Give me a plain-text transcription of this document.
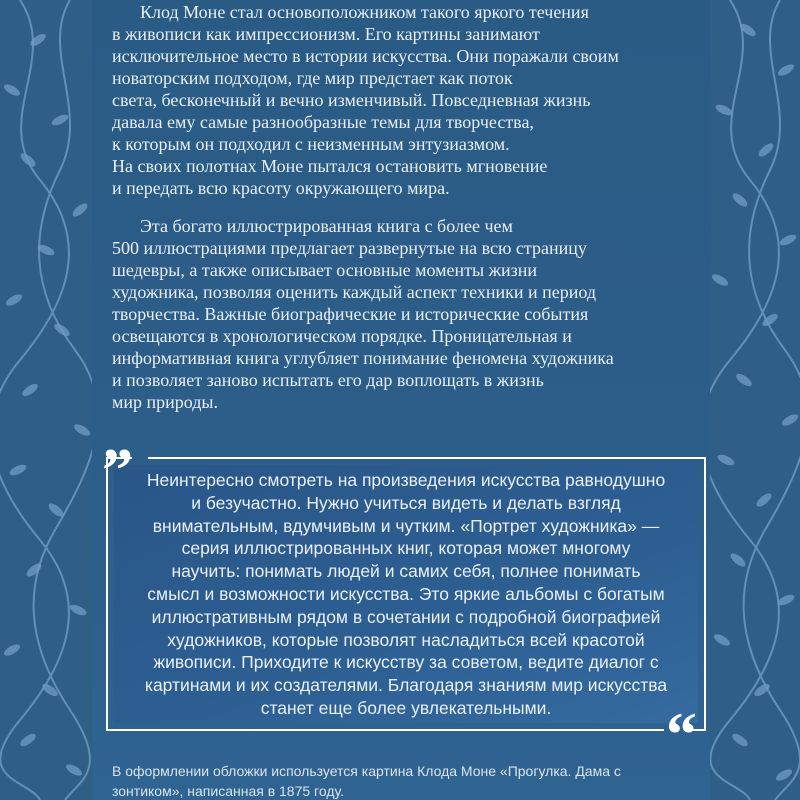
Клод Моне стал основоположником такого яркого течения
в живописи как импрессионизм. Его картины занимают
исключительное место в истории искусства. Они поражали своим
новаторским подходом, где мир предстает как поток
света, бесконечный и вечно изменчивый. Повседневная жизнь
давала ему самые разнообразные темы для творчества,
к которым он подходил с неизменным энтузиазмом.
На своих полотнах Моне пытался остановить мгновение
и передать всю красоту окружающего мира.

Эта богато иллюстрированная книга с более чем
500 иллюстрациями предлагает развернутые на всю страницу
шедевры, а также описывает основные моменты жизни
художника, позволяя оценить каждый аспект техники и период
творчества. Важные биографические и исторические события
освещаются в хронологическом порядке. Проницательная и
информативная книга углубляет понимание феномена художника
и позволяет заново испытать его дар воплощать в жизнь
мир природы.

”
“

Неинтересно смотреть на произведения искусства равнодушно
и безучастно. Нужно учиться видеть и делать взгляд
внимательным, вдумчивым и чутким. «Портрет художника» —
серия иллюстрированных книг, которая может многому
научить: понимать людей и самих себя, полнее понимать
смысл и возможности искусства. Это яркие альбомы с богатым
иллюстративным рядом в сочетании с подробной биографией
художников, которые позволят насладиться всей красотой
живописи. Приходите к искусству за советом, ведите диалог с
картинами и их создателями. Благодаря знаниям мир искусства
станет еще более увлекательными.

В оформлении обложки используется картина Клода Моне «Прогулка. Дама с
зонтиком», написанная в 1875 году.
